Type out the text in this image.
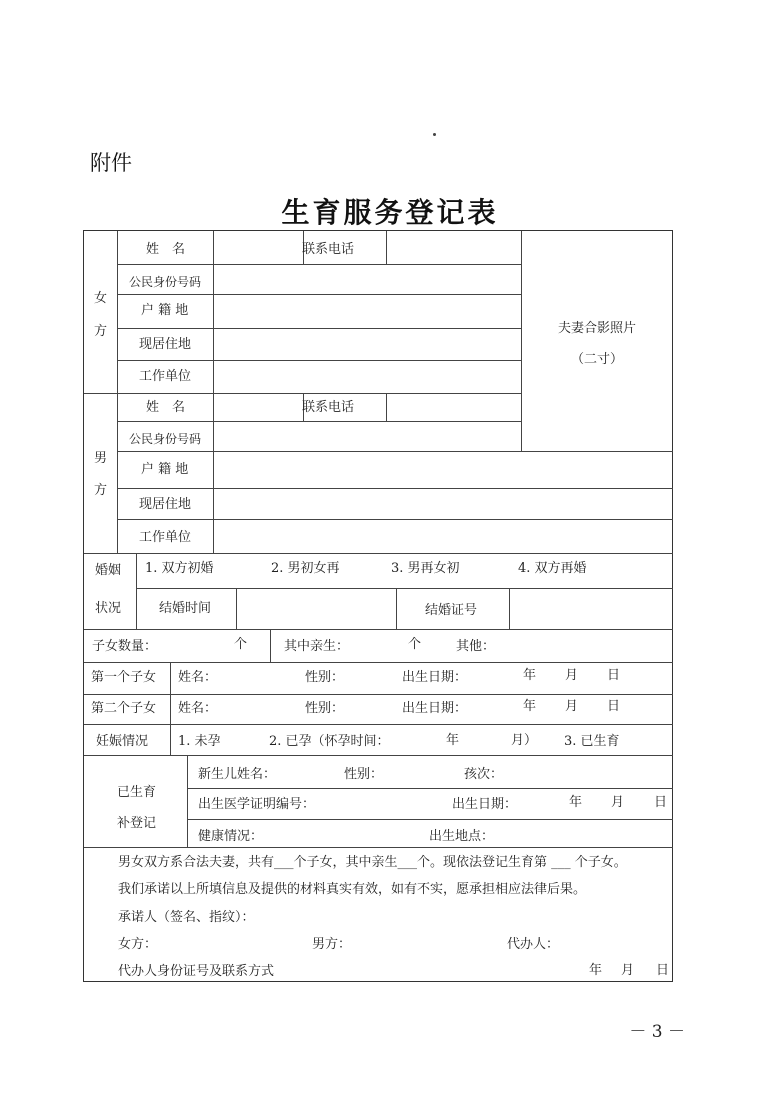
附件
生育服务登记表
女
方
姓　名	联系电话
公民身份号码
户 籍 地
现居住地
工作单位
夫妻合影照片
（二寸）
男
方
姓　名	联系电话
公民身份号码
户 籍 地
现居住地
工作单位
婚姻
状况
1. 双方初婚	2. 男初女再	3. 男再女初	4. 双方再婚
结婚时间	结婚证号
子女数量：	个	其中亲生：	个	其他：
第一个子女 姓名：	性别：	出生日期：	年 月 日
第二个子女 姓名：	性别：	出生日期：	年 月 日
妊娠情况 1. 未孕	2. 已孕（怀孕时间：	年	月） 3. 已生育
已生育
补登记
新生儿姓名：	性别：	孩次：
出生医学证明编号：	出生日期：	年 月 日
健康情况：	出生地点：
男女双方系合法夫妻，共有___个子女，其中亲生___个。现依法登记生育第 ___ 个子女。
我们承诺以上所填信息及提供的材料真实有效，如有不实，愿承担相应法律后果。
承诺人（签名、指纹）：
女方：	男方：	代办人：
代办人身份证号及联系方式	年 月 日
－ 3 －
